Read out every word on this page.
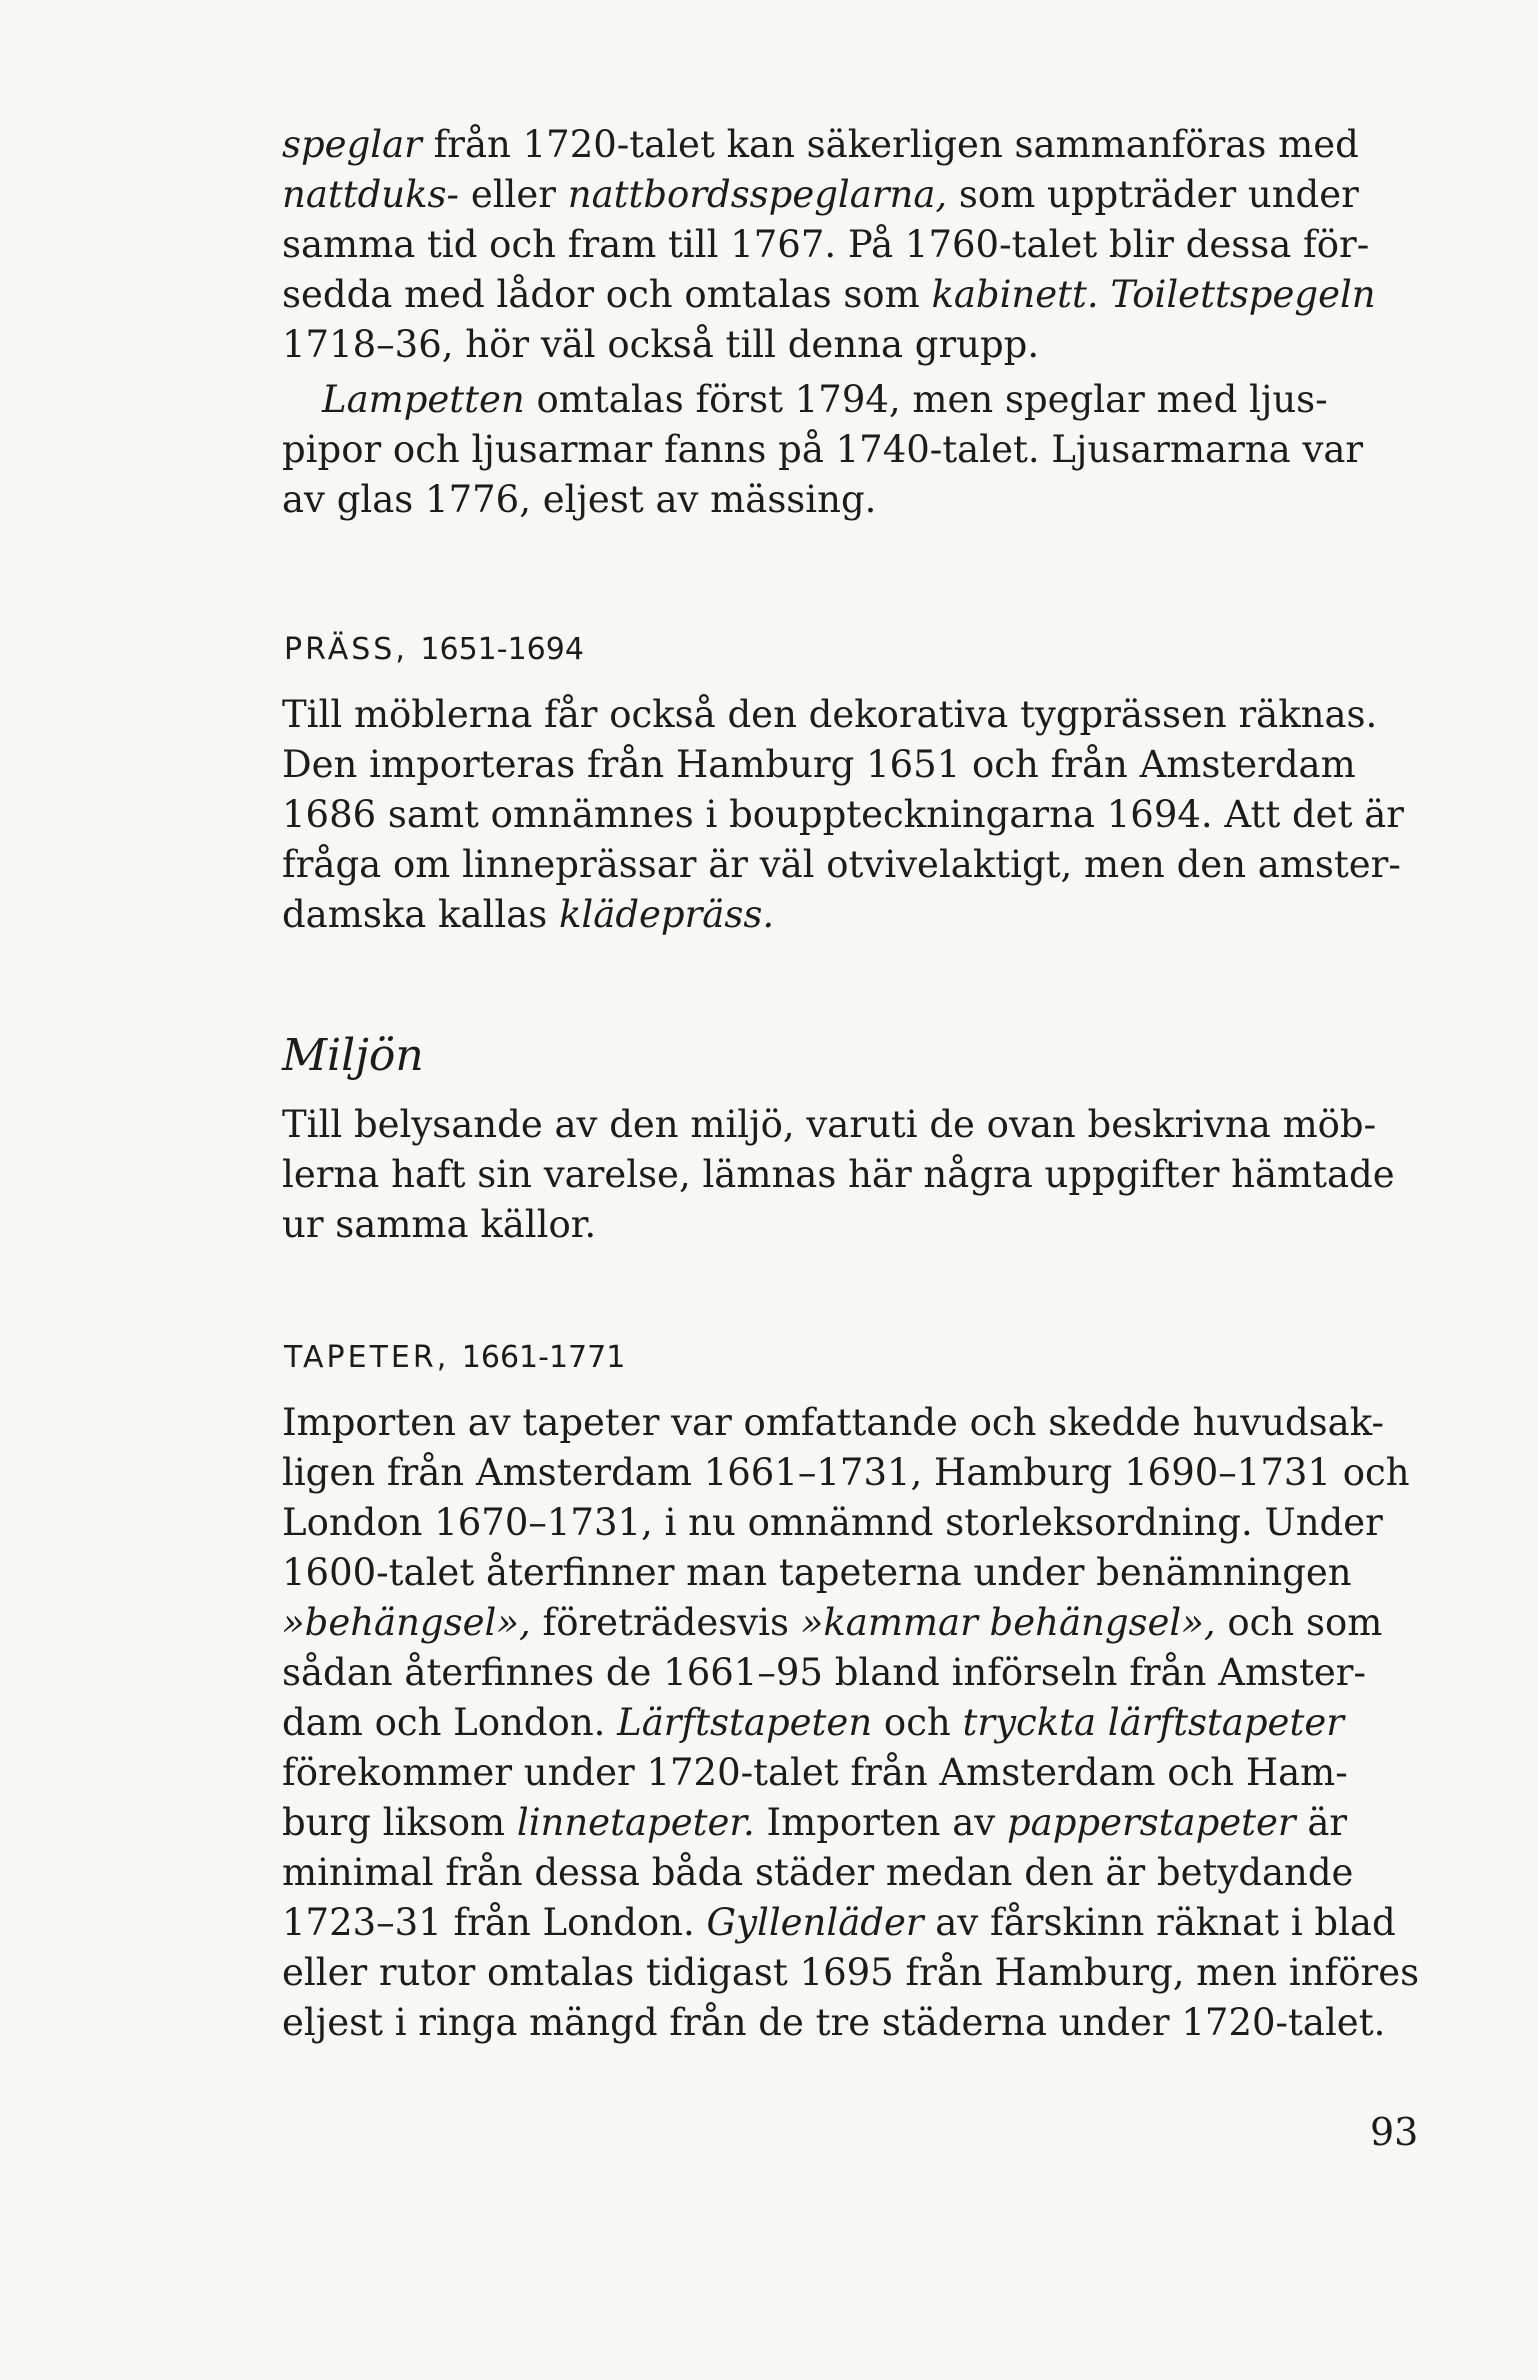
speglar från 1720-talet kan säkerligen sammanföras med
nattduks- eller nattbordsspeglarna, som uppträder under
samma tid och fram till 1767. På 1760-talet blir dessa för-
sedda med lådor och omtalas som kabinett. Toilettspegeln
1718–36, hör väl också till denna grupp.

Lampetten omtalas först 1794, men speglar med ljus-
pipor och ljusarmar fanns på 1740-talet. Ljusarmarna var
av glas 1776, eljest av mässing.

PRÄSS, 1651-1694

Till möblerna får också den dekorativa tygprässen räknas.
Den importeras från Hamburg 1651 och från Amsterdam
1686 samt omnämnes i bouppteckningarna 1694. Att det är
fråga om linneprässar är väl otvivelaktigt, men den amster-
damska kallas klädepräss.

Miljön

Till belysande av den miljö, varuti de ovan beskrivna möb-
lerna haft sin varelse, lämnas här några uppgifter hämtade
ur samma källor.

TAPETER, 1661-1771

Importen av tapeter var omfattande och skedde huvudsak-
ligen från Amsterdam 1661–1731, Hamburg 1690–1731 och
London 1670–1731, i nu omnämnd storleksordning. Under
1600-talet återfinner man tapeterna under benämningen
»behängsel», företrädesvis »kammar behängsel», och som
sådan återfinnes de 1661–95 bland införseln från Amster-
dam och London. Lärftstapeten och tryckta lärftstapeter
förekommer under 1720-talet från Amsterdam och Ham-
burg liksom linnetapeter. Importen av papperstapeter är
minimal från dessa båda städer medan den är betydande
1723–31 från London. Gyllenläder av fårskinn räknat i blad
eller rutor omtalas tidigast 1695 från Hamburg, men införes
eljest i ringa mängd från de tre städerna under 1720-talet.

93
